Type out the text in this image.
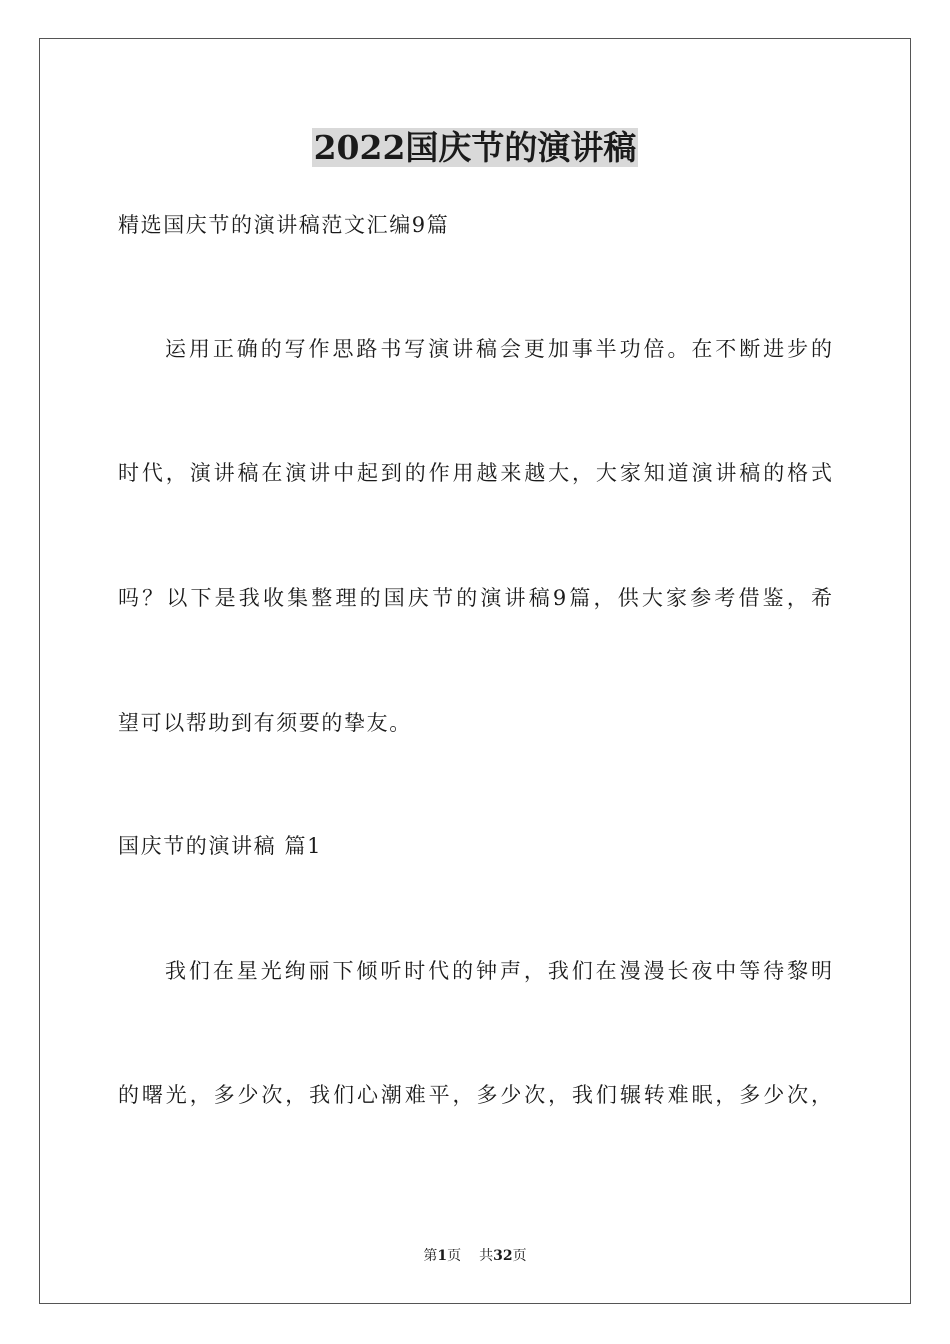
2022国庆节的演讲稿
精选国庆节的演讲稿范文汇编9篇
运用正确的写作思路书写演讲稿会更加事半功倍。在不断进步的
时代，演讲稿在演讲中起到的作用越来越大，大家知道演讲稿的格式
吗？以下是我收集整理的国庆节的演讲稿9篇，供大家参考借鉴，希
望可以帮助到有须要的挚友。
国庆节的演讲稿 篇1
我们在星光绚丽下倾听时代的钟声，我们在漫漫长夜中等待黎明
的曙光，多少次，我们心潮难平，多少次，我们辗转难眠，多少次，
第1页 共32页
